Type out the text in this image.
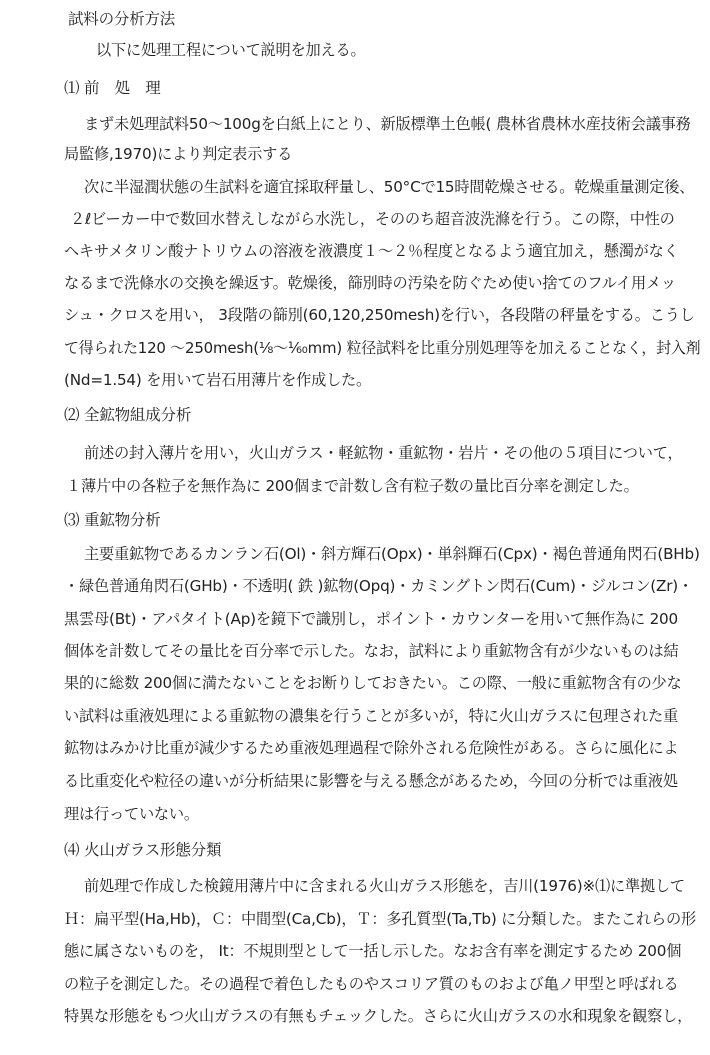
試料の分析方法
以下に処理工程について説明を加える。
⑴ 前　処　理
まず未処理試料50〜100gを白紙上にとり、新版標準土色帳( 農林省農林水産技術会議事務
局監修,1970)により判定表示する
次に半湿潤状態の生試料を適宜採取秤量し、50°Cで15時間乾燥させる。乾燥重量測定後、
２ℓビーカー中で数回水替えしながら水洗し，そののち超音波洗滌を行う。この際，中性の
ヘキサメタリン酸ナトリウムの溶液を液濃度１〜２％程度となるよう適宜加え，懸濁がなく
なるまで洗條水の交換を繰返す。乾燥後，篩別時の汚染を防ぐため使い捨てのフルイ用メッ
シュ・クロスを用い， 3段階の篩別(60,120,250mesh)を行い，各段階の秤量をする。こうし
て得られた120 〜250mesh(⅛〜¹⁄₆₀mm) 粒径試料を比重分別処理等を加えることなく，封入剤
(Nd=1.54) を用いて岩石用薄片を作成した。
⑵ 全鉱物組成分析
前述の封入薄片を用い，火山ガラス・軽鉱物・重鉱物・岩片・その他の５項目について，
１薄片中の各粒子を無作為に 200個まで計数し含有粒子数の量比百分率を測定した。
⑶ 重鉱物分析
主要重鉱物であるカンラン石(Ol)・斜方輝石(Opx)・単斜輝石(Cpx)・褐色普通角閃石(BHb)
・緑色普通角閃石(GHb)・不透明( 鉄 )鉱物(Opq)・カミングトン閃石(Cum)・ジルコン(Zr)・
黒雲母(Bt)・アパタイト(Ap)を鏡下で識別し，ポイント・カウンターを用いて無作為に 200
個体を計数してその量比を百分率で示した。なお，試料により重鉱物含有が少ないものは結
果的に総数 200個に満たないことをお断りしておきたい。この際、一般に重鉱物含有の少な
い試料は重液処理による重鉱物の濃集を行うことが多いが，特に火山ガラスに包理された重
鉱物はみかけ比重が減少するため重液処理過程で除外される危険性がある。さらに風化によ
る比重変化や粒径の違いが分析結果に影響を与える懸念があるため，今回の分析では重液処
理は行っていない。
⑷ 火山ガラス形態分類
前処理で作成した検鏡用薄片中に含まれる火山ガラス形態を，吉川(1976)※⑴に準拠して
Ｈ：扁平型(Ha,Hb)，Ｃ：中間型(Ca,Cb)，Ｔ：多孔質型(Ta,Tb) に分類した。またこれらの形
態に属さないものを， It：不規則型として一括し示した。なお含有率を測定するため 200個
の粒子を測定した。その過程で着色したものやスコリア質のものおよび亀ノ甲型と呼ばれる
特異な形態をもつ火山ガラスの有無もチェックした。さらに火山ガラスの水和現象を観察し，
